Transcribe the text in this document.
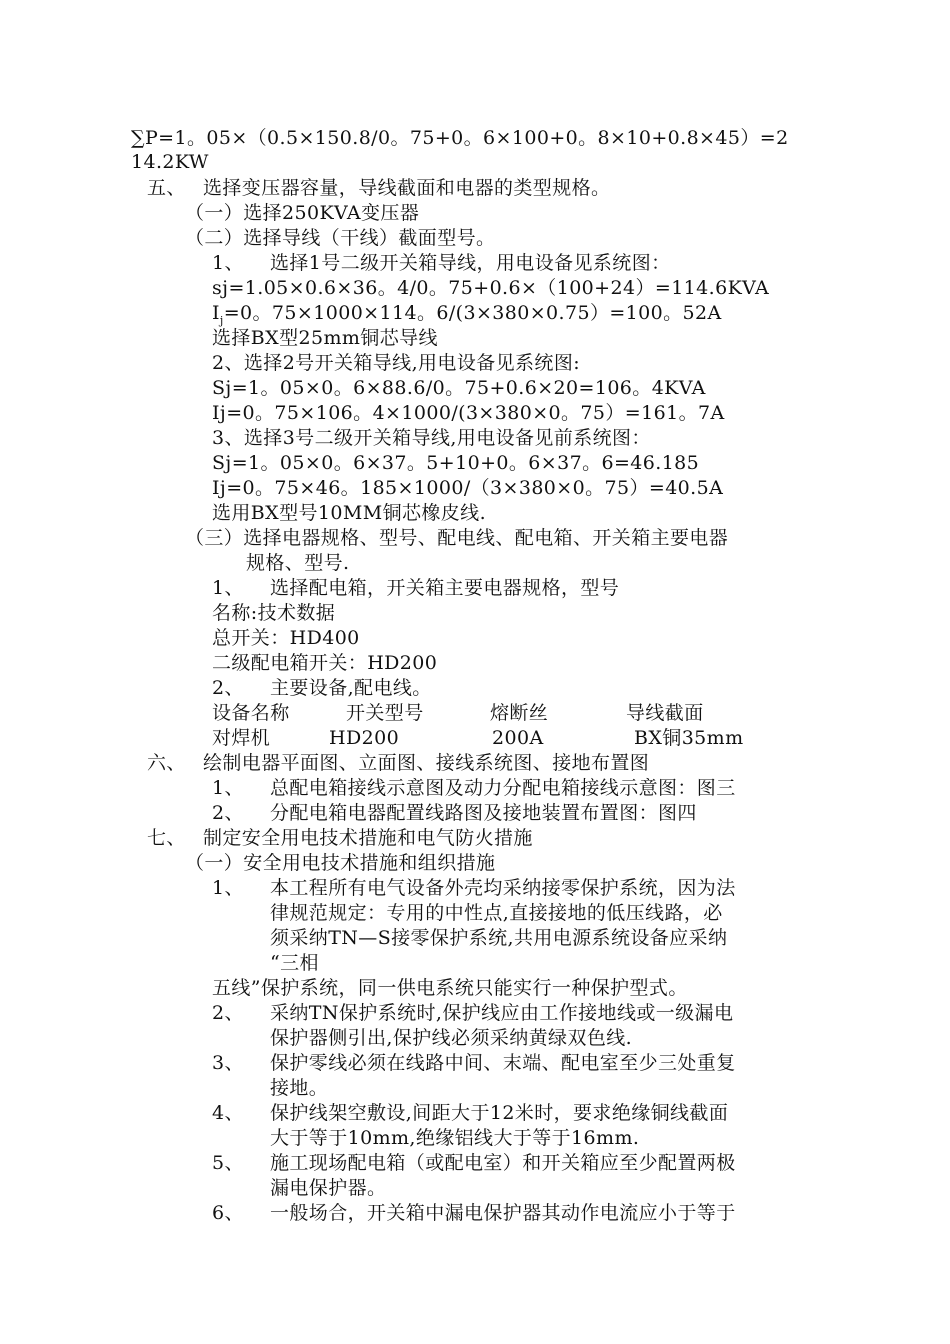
∑P=1。05×（0.5×150.8/0。75+0。6×100+0。8×10+0.8×45）=2
14.2KW
五、 选择变压器容量，导线截面和电器的类型规格。
（一）选择250KVA变压器
（二）选择导线（干线）截面型号。
1、 选择1号二级开关箱导线，用电设备见系统图：
sj=1.05×0.6×36。4/0。75+0.6×（100+24）=114.6KVA
$I_j=0$。75×1000×114。6/(3×380×0.75）=100。52A
选择BX型25mm铜芯导线
2、选择2号开关箱导线,用电设备见系统图:
Sj=1。05×0。6×88.6/0。75+0.6×20=106。4KVA
Ij=0。75×106。4×1000/(3×380×0。75）=161。7A
3、选择3号二级开关箱导线,用电设备见前系统图：
Sj=1。05×0。6×37。5+10+0。6×37。6=46.185
Ij=0。75×46。185×1000/（3×380×0。75）=40.5A
选用BX型号10MM铜芯橡皮线.
（三）选择电器规格、型号、配电线、配电箱、开关箱主要电器
规格、型号.
1、 选择配电箱，开关箱主要电器规格，型号
名称:技术数据
总开关：HD400
二级配电箱开关：HD200
2、 主要设备,配电线。
设备名称	开关型号	熔断丝	导线截面
对焊机	HD200	200A	BX铜35mm
六、 绘制电器平面图、立面图、接线系统图、接地布置图
1、 总配电箱接线示意图及动力分配电箱接线示意图：图三
2、 分配电箱电器配置线路图及接地装置布置图：图四
七、 制定安全用电技术措施和电气防火措施
（一）安全用电技术措施和组织措施
1、 本工程所有电气设备外壳均采纳接零保护系统，因为法
律规范规定：专用的中性点,直接接地的低压线路，必
须采纳TN—S接零保护系统,共用电源系统设备应采纳
“三相
五线”保护系统，同一供电系统只能实行一种保护型式。
2、 采纳TN保护系统时,保护线应由工作接地线或一级漏电
保护器侧引出,保护线必须采纳黄绿双色线.
3、 保护零线必须在线路中间、末端、配电室至少三处重复
接地。
4、 保护线架空敷设,间距大于12米时，要求绝缘铜线截面
大于等于10mm,绝缘铝线大于等于16mm.
5、 施工现场配电箱（或配电室）和开关箱应至少配置两极
漏电保护器。
6、 一般场合，开关箱中漏电保护器其动作电流应小于等于
